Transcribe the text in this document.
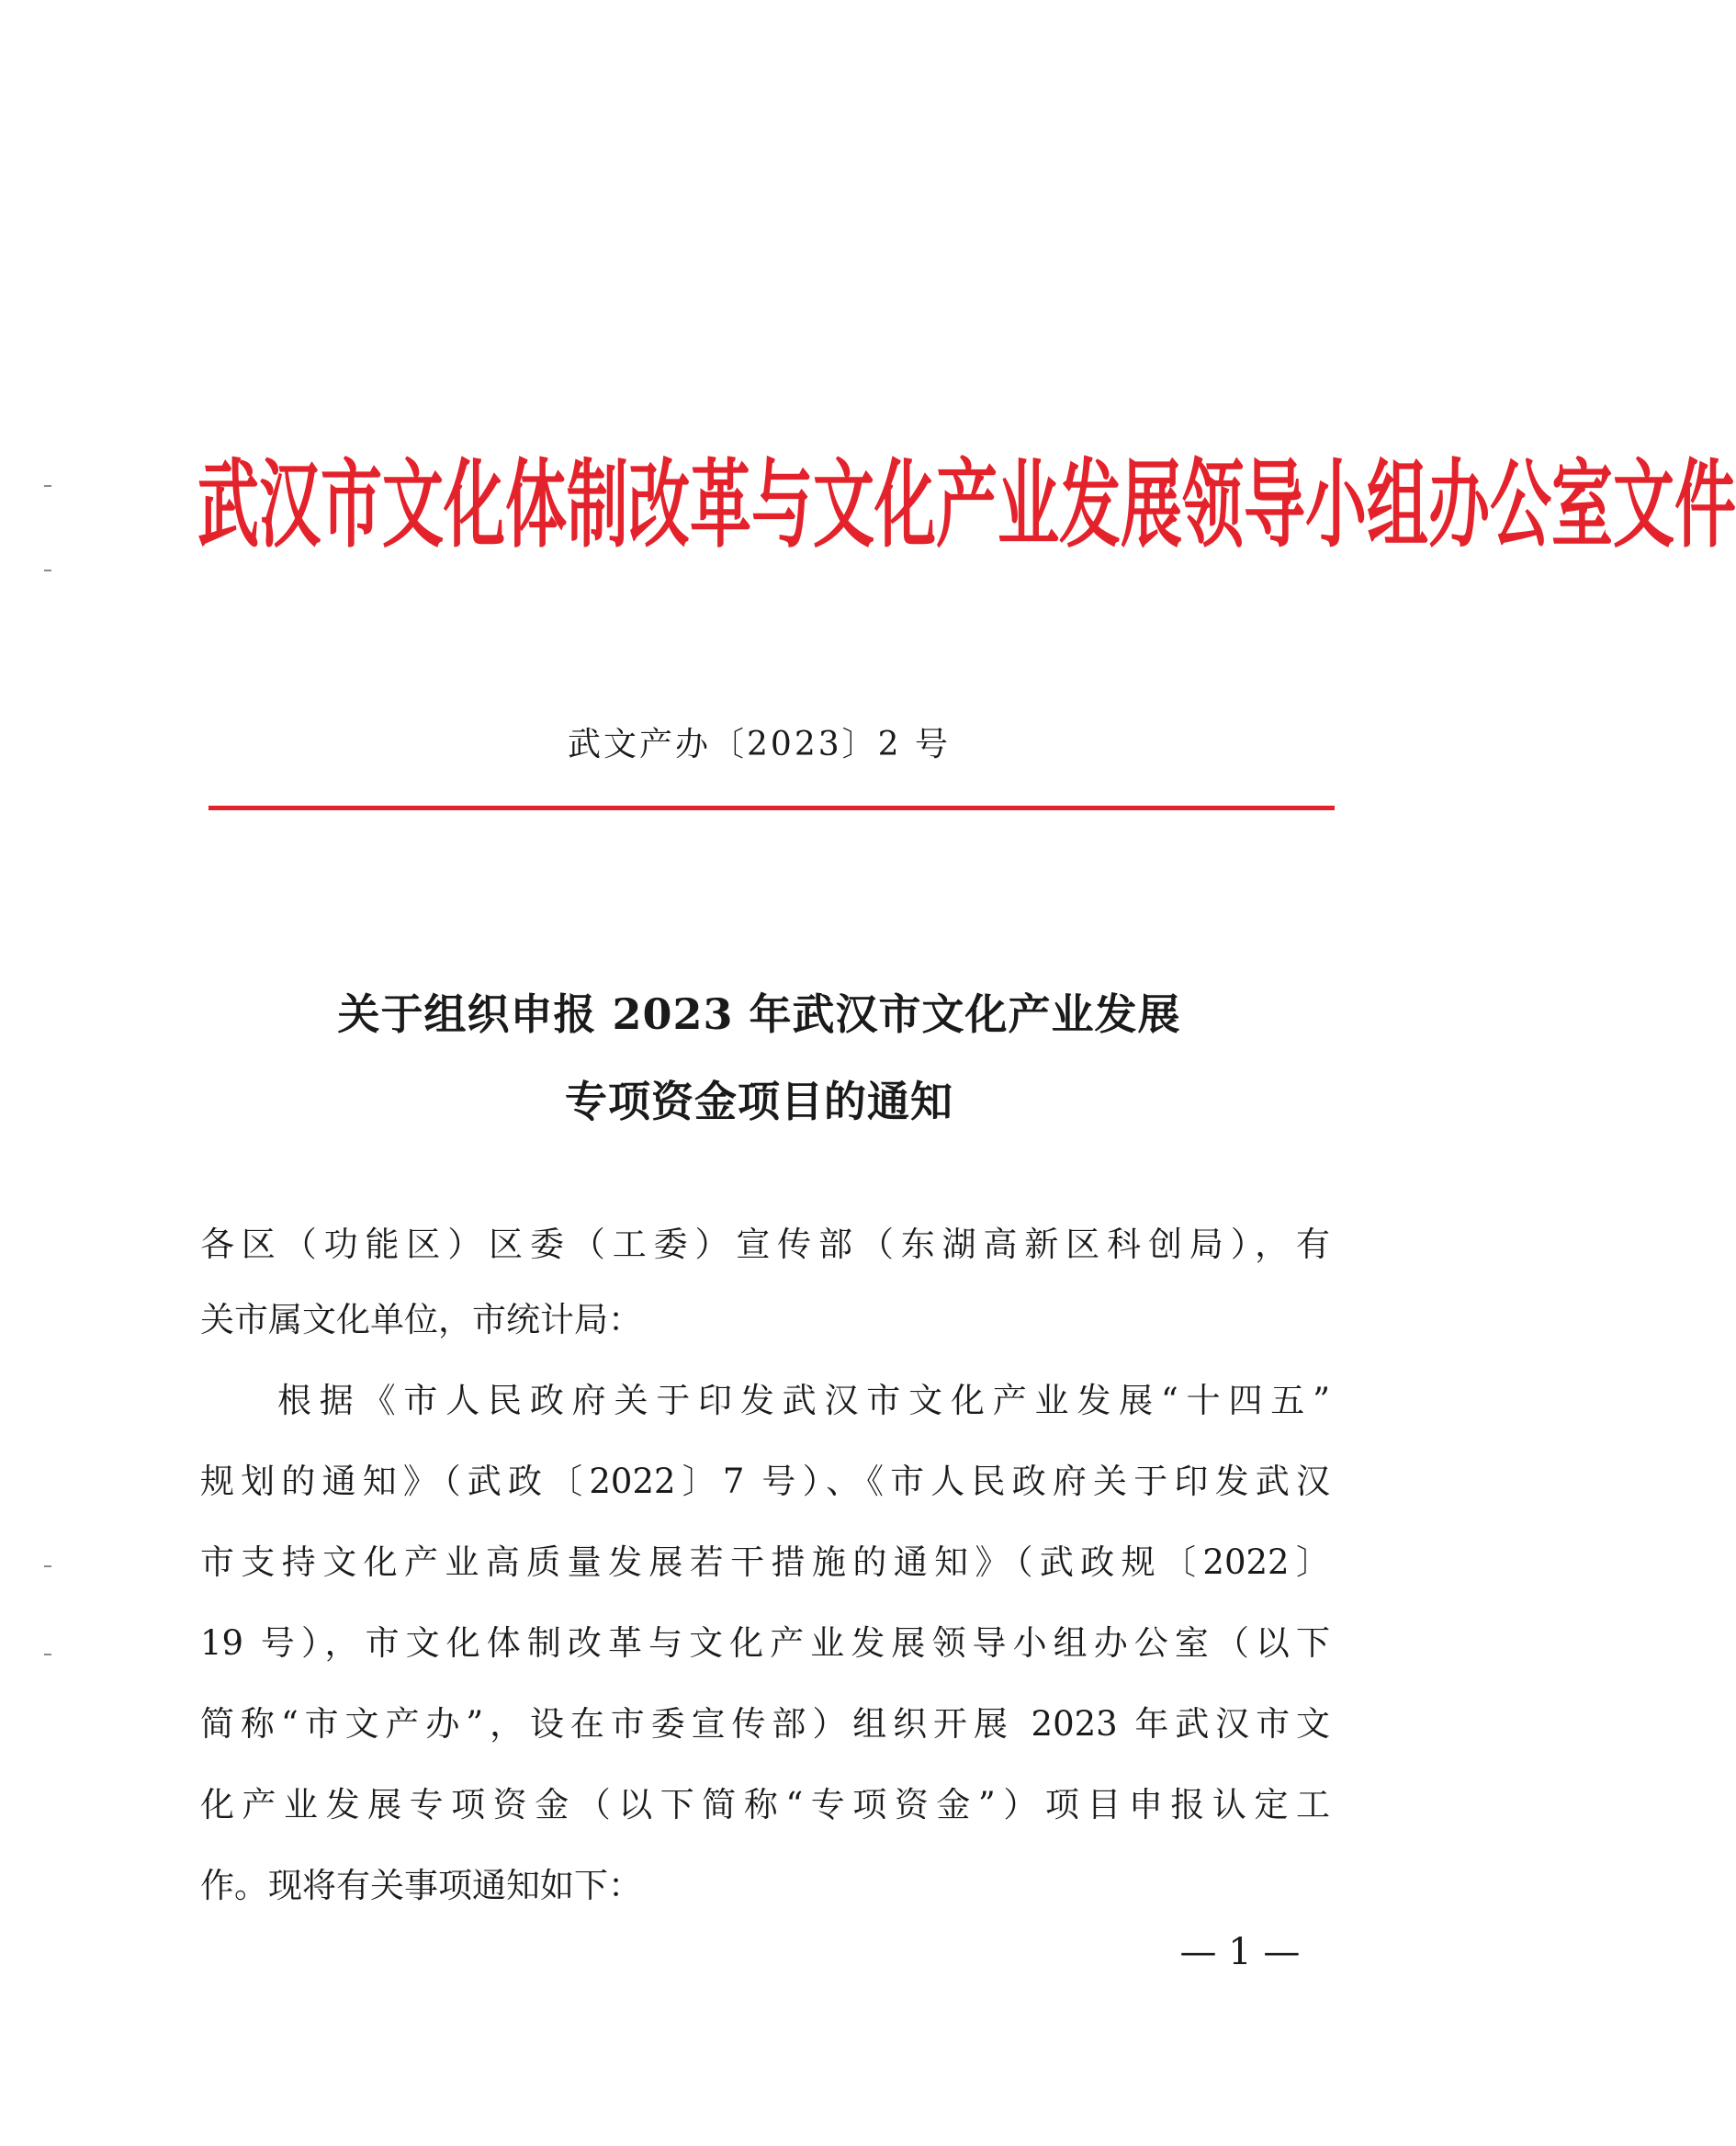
武汉市文化体制改革与文化产业发展领导小组办公室文件
武文产办〔2023〕2 号
关于组织申报 2023 年武汉市文化产业发展
专项资金项目的通知
各区（功能区）区委（工委）宣传部（东湖高新区科创局），有
关市属文化单位，市统计局：
根据《市人民政府关于印发武汉市文化产业发展“十四五”
规划的通知》（武政〔2022〕7 号）、《市人民政府关于印发武汉
市支持文化产业高质量发展若干措施的通知》（武政规〔2022〕
19 号），市文化体制改革与文化产业发展领导小组办公室（以下
简称“市文产办”，设在市委宣传部）组织开展 2023 年武汉市文
化产业发展专项资金（以下简称“专项资金”）项目申报认定工
作。现将有关事项通知如下：
— 1 —
